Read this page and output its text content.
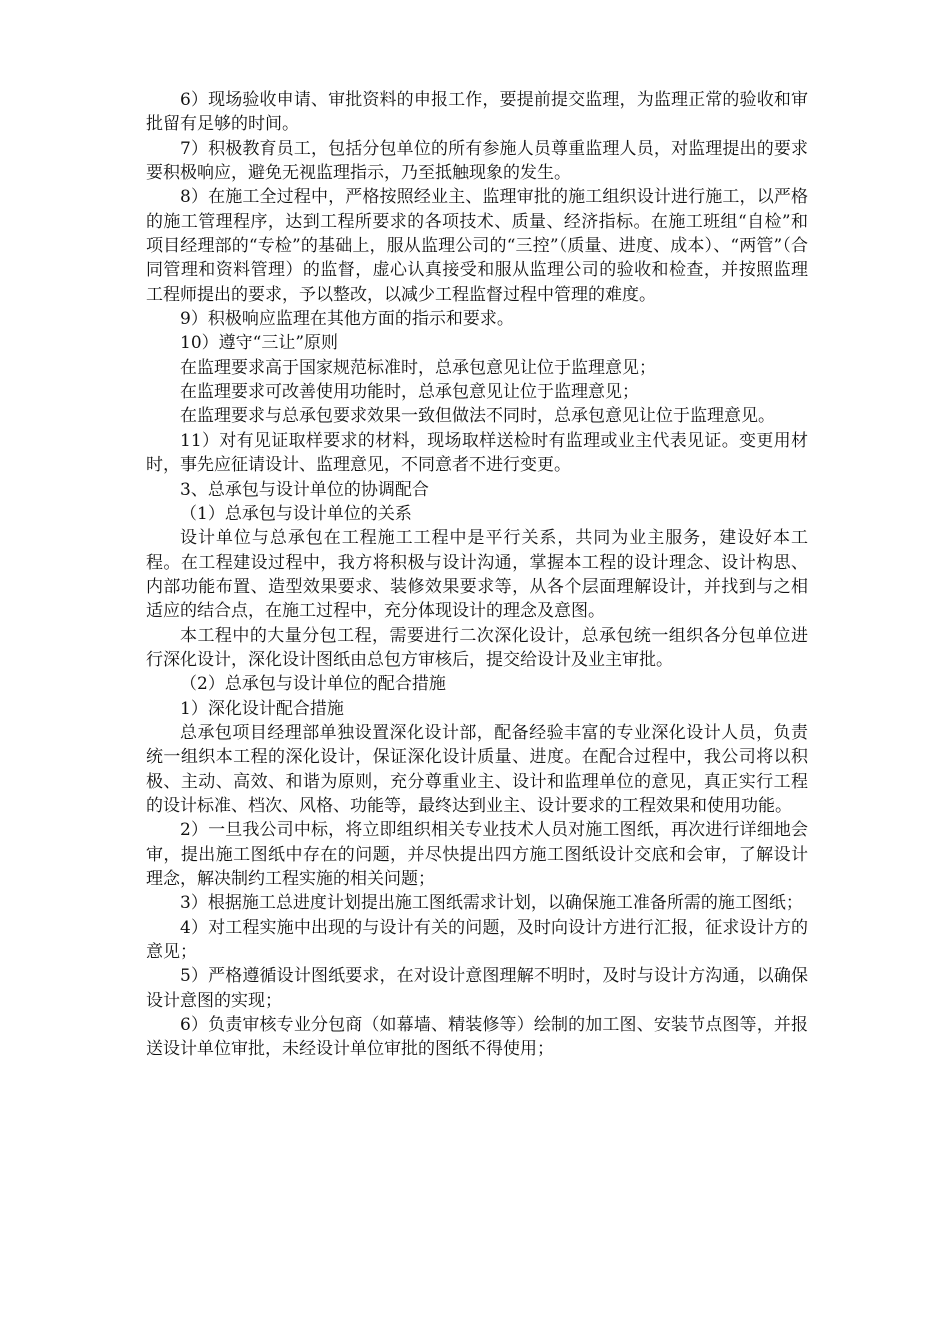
6）现场验收申请、审批资料的申报工作，要提前提交监理，为监理正常的验收和审批留有足够的时间。

7）积极教育员工，包括分包单位的所有参施人员尊重监理人员，对监理提出的要求要积极响应，避免无视监理指示，乃至抵触现象的发生。

8）在施工全过程中，严格按照经业主、监理审批的施工组织设计进行施工，以严格的施工管理程序，达到工程所要求的各项技术、质量、经济指标。在施工班组“自检”和项目经理部的“专检”的基础上，服从监理公司的“三控”（质量、进度、成本）、“两管”（合同管理和资料管理）的监督，虚心认真接受和服从监理公司的验收和检查，并按照监理工程师提出的要求，予以整改，以减少工程监督过程中管理的难度。

9）积极响应监理在其他方面的指示和要求。

10）遵守“三让”原则

在监理要求高于国家规范标准时，总承包意见让位于监理意见；

在监理要求可改善使用功能时，总承包意见让位于监理意见；

在监理要求与总承包要求效果一致但做法不同时，总承包意见让位于监理意见。

11）对有见证取样要求的材料，现场取样送检时有监理或业主代表见证。变更用材时，事先应征请设计、监理意见，不同意者不进行变更。

3、总承包与设计单位的协调配合

（1）总承包与设计单位的关系

设计单位与总承包在工程施工工程中是平行关系，共同为业主服务，建设好本工程。在工程建设过程中，我方将积极与设计沟通，掌握本工程的设计理念、设计构思、内部功能布置、造型效果要求、装修效果要求等，从各个层面理解设计，并找到与之相适应的结合点，在施工过程中，充分体现设计的理念及意图。

本工程中的大量分包工程，需要进行二次深化设计，总承包统一组织各分包单位进行深化设计，深化设计图纸由总包方审核后，提交给设计及业主审批。

（2）总承包与设计单位的配合措施

1）深化设计配合措施

总承包项目经理部单独设置深化设计部，配备经验丰富的专业深化设计人员，负责统一组织本工程的深化设计，保证深化设计质量、进度。在配合过程中，我公司将以积极、主动、高效、和谐为原则，充分尊重业主、设计和监理单位的意见，真正实行工程的设计标准、档次、风格、功能等，最终达到业主、设计要求的工程效果和使用功能。

2）一旦我公司中标，将立即组织相关专业技术人员对施工图纸，再次进行详细地会审，提出施工图纸中存在的问题，并尽快提出四方施工图纸设计交底和会审，了解设计理念，解决制约工程实施的相关问题；

3）根据施工总进度计划提出施工图纸需求计划，以确保施工准备所需的施工图纸；

4）对工程实施中出现的与设计有关的问题，及时向设计方进行汇报，征求设计方的意见；

5）严格遵循设计图纸要求，在对设计意图理解不明时，及时与设计方沟通，以确保设计意图的实现；

6）负责审核专业分包商（如幕墙、精装修等）绘制的加工图、安装节点图等，并报送设计单位审批，未经设计单位审批的图纸不得使用；
